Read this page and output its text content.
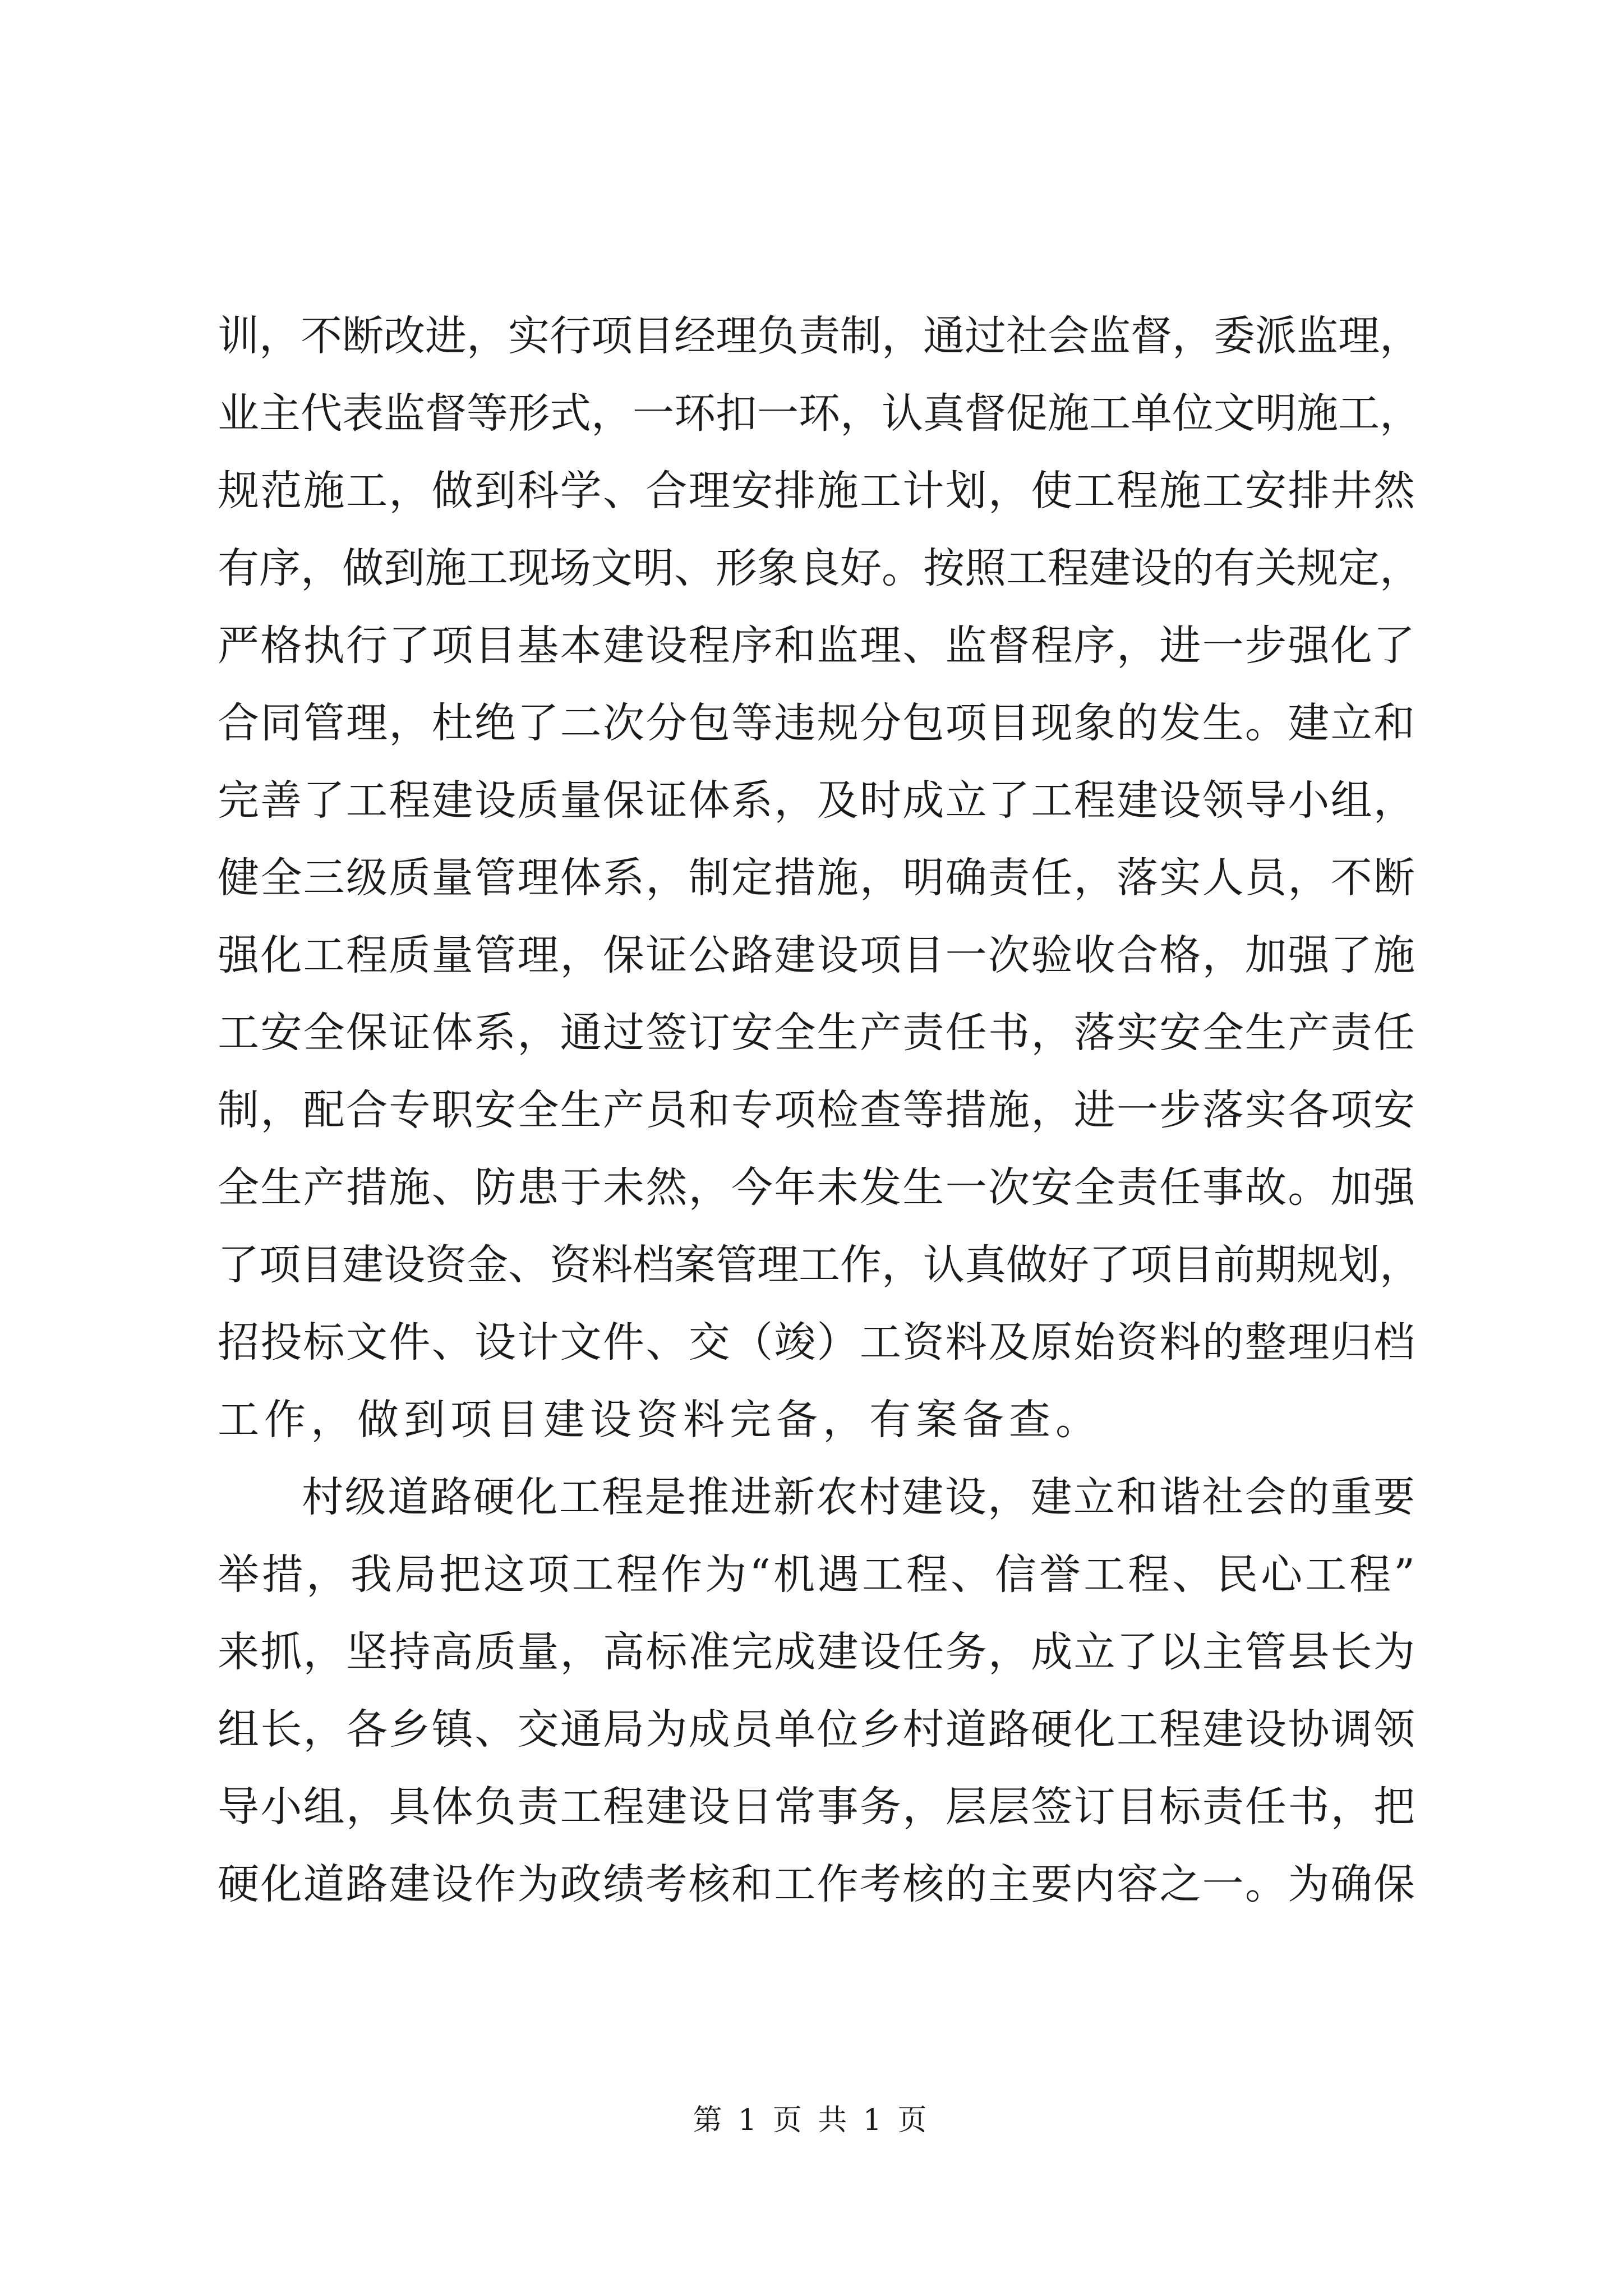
训，不断改进，实行项目经理负责制，通过社会监督，委派监理，
业主代表监督等形式，一环扣一环，认真督促施工单位文明施工，
规范施工，做到科学、合理安排施工计划，使工程施工安排井然
有序，做到施工现场文明、形象良好。按照工程建设的有关规定，
严格执行了项目基本建设程序和监理、监督程序，进一步强化了
合同管理，杜绝了二次分包等违规分包项目现象的发生。建立和
完善了工程建设质量保证体系，及时成立了工程建设领导小组，
健全三级质量管理体系，制定措施，明确责任，落实人员，不断
强化工程质量管理，保证公路建设项目一次验收合格，加强了施
工安全保证体系，通过签订安全生产责任书，落实安全生产责任
制，配合专职安全生产员和专项检查等措施，进一步落实各项安
全生产措施、防患于未然，今年未发生一次安全责任事故。加强
了项目建设资金、资料档案管理工作，认真做好了项目前期规划，
招投标文件、设计文件、交（竣）工资料及原始资料的整理归档
工作，做到项目建设资料完备，有案备查。
村级道路硬化工程是推进新农村建设，建立和谐社会的重要
举措，我局把这项工程作为“机遇工程、信誉工程、民心工程”
来抓，坚持高质量，高标准完成建设任务，成立了以主管县长为
组长，各乡镇、交通局为成员单位乡村道路硬化工程建设协调领
导小组，具体负责工程建设日常事务，层层签订目标责任书，把
硬化道路建设作为政绩考核和工作考核的主要内容之一。为确保
第 1 页 共 1 页
